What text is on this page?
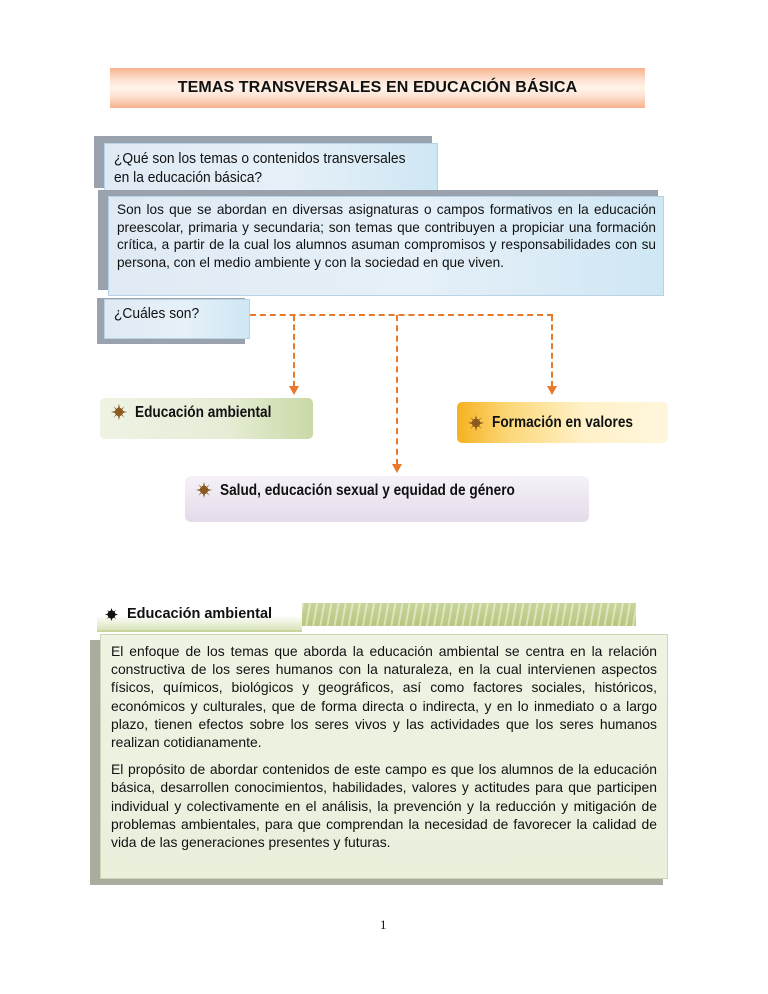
TEMAS TRANSVERSALES EN EDUCACIÓN BÁSICA
¿Qué son los temas o contenidos transversales
en la educación básica?
Son los que se abordan en diversas asignaturas o campos formativos en la educación preescolar, primaria y secundaria; son temas que contribuyen a propiciar una formación crítica, a partir de la cual los alumnos asuman compromisos y responsabilidades con su persona, con el medio ambiente y con la sociedad en que viven.
¿Cuáles son?
Educación ambiental
Formación en valores
Salud, educación sexual y equidad de género
Educación ambiental
El enfoque de los temas que aborda la educación ambiental se centra en la relación constructiva de los seres humanos con la naturaleza, en la cual intervienen aspectos físicos, químicos, biológicos y geográficos, así como factores sociales, históricos, económicos y culturales, que de forma directa o indirecta, y en lo inmediato o a largo plazo, tienen efectos sobre los seres vivos y las actividades que los seres humanos realizan cotidianamente.
El propósito de abordar contenidos de este campo es que los alumnos de la educación básica, desarrollen conocimientos, habilidades, valores y actitudes para que participen individual y colectivamente en el análisis, la prevención y la reducción y mitigación de problemas ambientales, para que comprendan la necesidad de favorecer la calidad de vida de las generaciones presentes y futuras.
1
